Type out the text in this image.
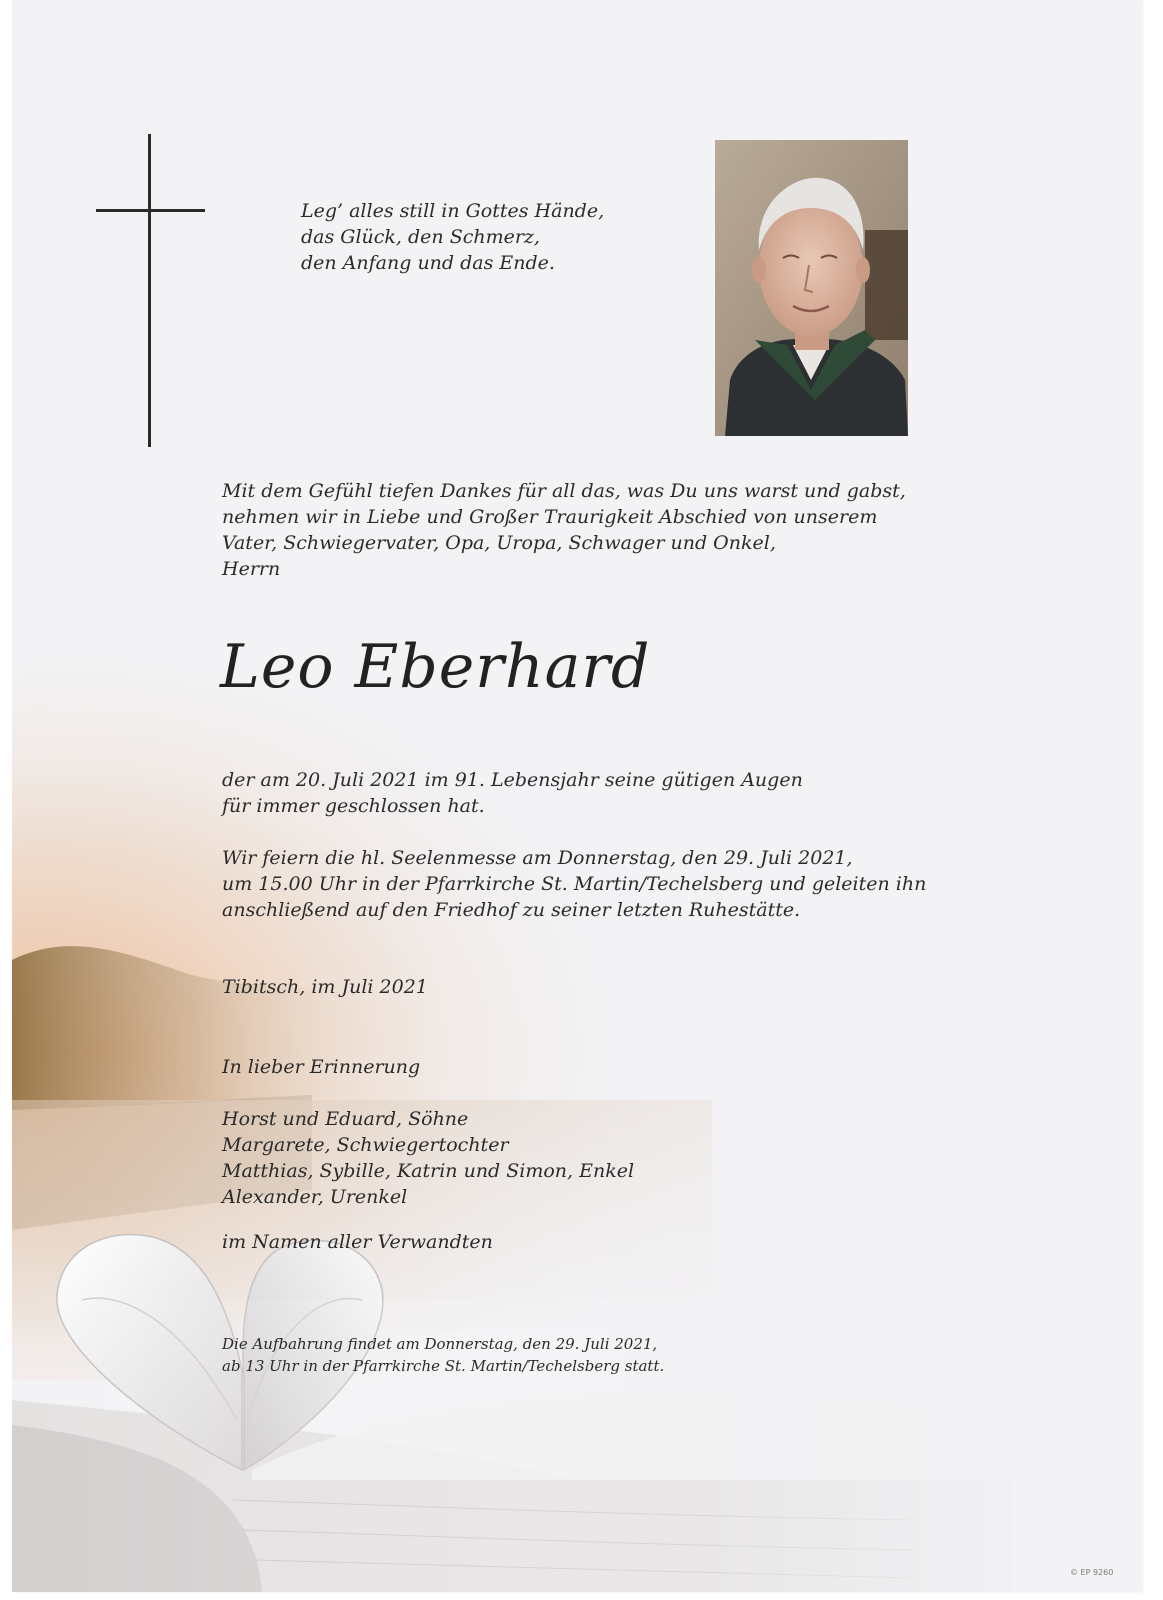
Leg’ alles still in Gottes Hände,
das Glück, den Schmerz,
den Anfang und das Ende.
Mit dem Gefühl tiefen Dankes für all das, was Du uns warst und gabst,
nehmen wir in Liebe und Großer Traurigkeit Abschied von unserem
Vater, Schwiegervater, Opa, Uropa, Schwager und Onkel,
Herrn
Leo Eberhard
der am 20. Juli 2021 im 91. Lebensjahr seine gütigen Augen
für immer geschlossen hat.
Wir feiern die hl. Seelenmesse am Donnerstag, den 29. Juli 2021,
um 15.00 Uhr in der Pfarrkirche St. Martin/Techelsberg und geleiten ihn
anschließend auf den Friedhof zu seiner letzten Ruhestätte.
Tibitsch, im Juli 2021
In lieber Erinnerung
Horst und Eduard, Söhne
Margarete, Schwiegertochter
Matthias, Sybille, Katrin und Simon, Enkel
Alexander, Urenkel
im Namen aller Verwandten
Die Aufbahrung findet am Donnerstag, den 29. Juli 2021,
ab 13 Uhr in der Pfarrkirche St. Martin/Techelsberg statt.
© EP 9260
